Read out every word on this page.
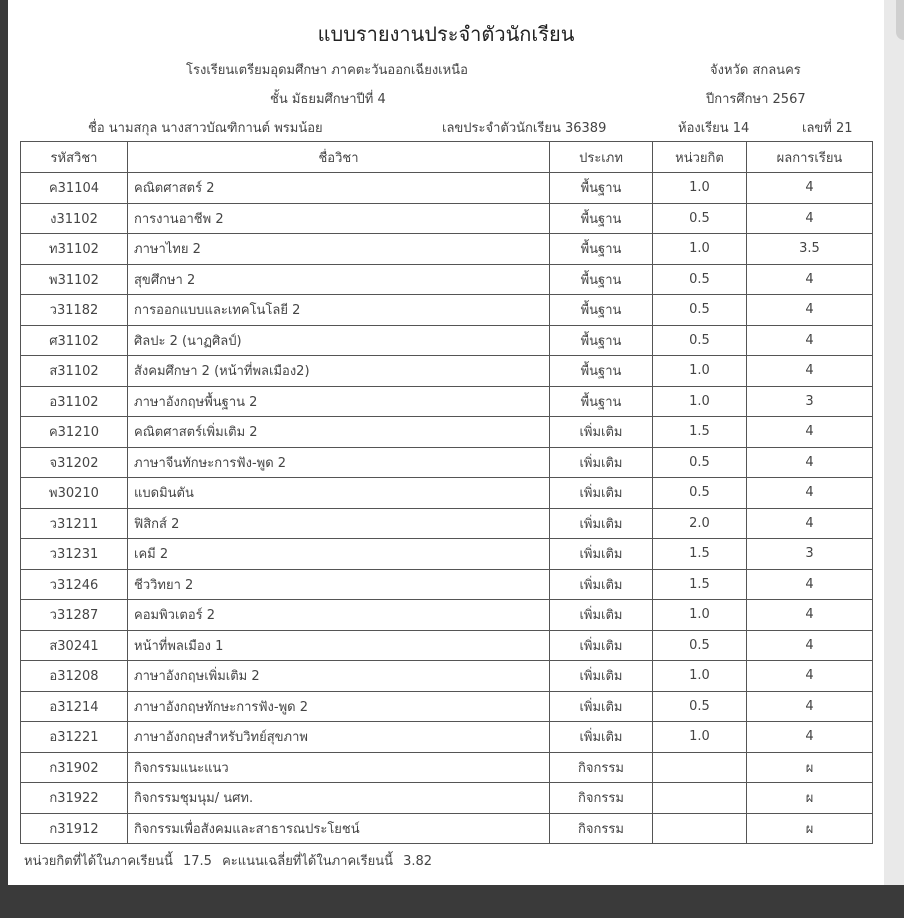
แบบรายงานประจำตัวนักเรียน
โรงเรียนเตรียมอุดมศึกษา ภาคตะวันออกเฉียงเหนือ	จังหวัด สกลนคร
ชั้น มัธยมศึกษาปีที่ 4	ปีการศึกษา 2567
ชื่อ นามสกุล นางสาวบัณฑิกานต์ พรมน้อย	เลขประจำตัวนักเรียน 36389	ห้องเรียน 14	เลขที่ 21
รหัสวิชา	ชื่อวิชา	ประเภท	หน่วยกิต	ผลการเรียน
ค31104	คณิตศาสตร์ 2	พื้นฐาน	1.0	4
ง31102	การงานอาชีพ 2	พื้นฐาน	0.5	4
ท31102	ภาษาไทย 2	พื้นฐาน	1.0	3.5
พ31102	สุขศึกษา 2	พื้นฐาน	0.5	4
ว31182	การออกแบบและเทคโนโลยี 2	พื้นฐาน	0.5	4
ศ31102	ศิลปะ 2 (นาฏศิลป์)	พื้นฐาน	0.5	4
ส31102	สังคมศึกษา 2 (หน้าที่พลเมือง2)	พื้นฐาน	1.0	4
อ31102	ภาษาอังกฤษพื้นฐาน 2	พื้นฐาน	1.0	3
ค31210	คณิตศาสตร์เพิ่มเติม 2	เพิ่มเติม	1.5	4
จ31202	ภาษาจีนทักษะการฟัง-พูด 2	เพิ่มเติม	0.5	4
พ30210	แบดมินตัน	เพิ่มเติม	0.5	4
ว31211	ฟิสิกส์ 2	เพิ่มเติม	2.0	4
ว31231	เคมี 2	เพิ่มเติม	1.5	3
ว31246	ชีววิทยา 2	เพิ่มเติม	1.5	4
ว31287	คอมพิวเตอร์ 2	เพิ่มเติม	1.0	4
ส30241	หน้าที่พลเมือง 1	เพิ่มเติม	0.5	4
อ31208	ภาษาอังกฤษเพิ่มเติม 2	เพิ่มเติม	1.0	4
อ31214	ภาษาอังกฤษทักษะการฟัง-พูด 2	เพิ่มเติม	0.5	4
อ31221	ภาษาอังกฤษสำหรับวิทย์สุขภาพ	เพิ่มเติม	1.0	4
ก31902	กิจกรรมแนะแนว	กิจกรรม		ผ
ก31922	กิจกรรมชุมนุม/ นศท.	กิจกรรม		ผ
ก31912	กิจกรรมเพื่อสังคมและสาธารณประโยชน์	กิจกรรม		ผ
หน่วยกิตที่ได้ในภาคเรียนนี้ 17.5 คะแนนเฉลี่ยที่ได้ในภาคเรียนนี้ 3.82
